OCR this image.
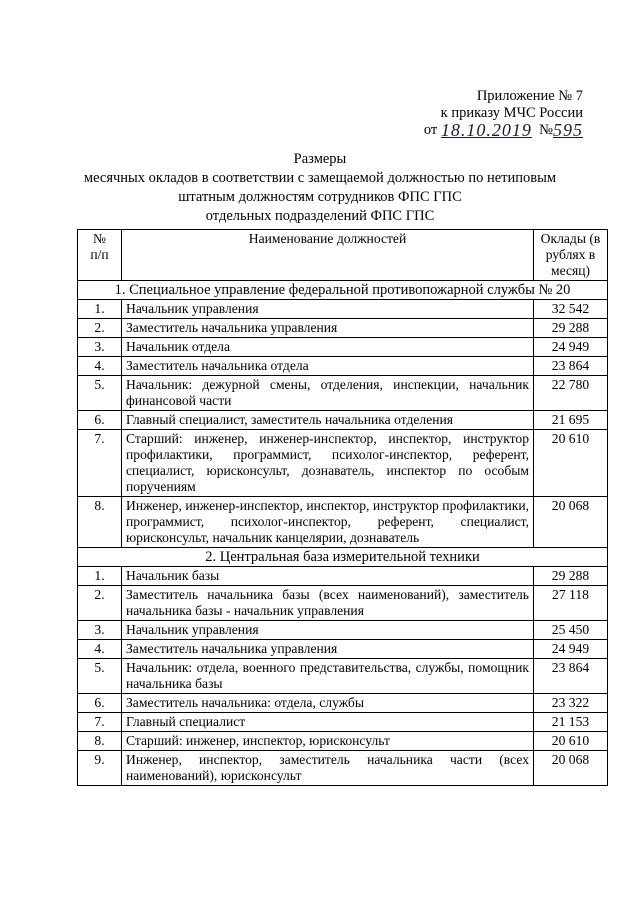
Приложение № 7
к приказу МЧС России
от
18.10.2019
№ 595
Размеры
месячных окладов в соответствии с замещаемой должностью по нетиповым
штатным должностям сотрудников ФПС ГПС
отдельных подразделений ФПС ГПС
№ п/п	Наименование должностей	Оклады (в рублях в месяц)
1. Специальное управление федеральной противопожарной службы № 20		
1.	Начальник управления	32 542
2.	Заместитель начальника управления	29 288
3.	Начальник отдела	24 949
4.	Заместитель начальника отдела	23 864
5.	Начальник: дежурной смены, отделения, инспекции, начальник финансовой части	22 780
6.	Главный специалист, заместитель начальника отделения	21 695
7.	Старший: инженер, инженер-инспектор, инспектор, инструктор профилактики, программист, психолог-инспектор, референт, специалист, юрисконсульт, дознаватель, инспектор по особым поручениям	20 610
8.	Инженер, инженер-инспектор, инспектор, инструктор профилактики, программист, психолог-инспектор, референт, специалист, юрисконсульт, начальник канцелярии, дознаватель	20 068
2. Центральная база измерительной техники		
1.	Начальник базы	29 288
2.	Заместитель начальника базы (всех наименований), заместитель начальника базы - начальник управления	27 118
3.	Начальник управления	25 450
4.	Заместитель начальника управления	24 949
5.	Начальник: отдела, военного представительства, службы, помощник начальника базы	23 864
6.	Заместитель начальника: отдела, службы	23 322
7.	Главный специалист	21 153
8.	Старший: инженер, инспектор, юрисконсульт	20 610
9.	Инженер, инспектор, заместитель начальника части (всех наименований), юрисконсульт	20 068
